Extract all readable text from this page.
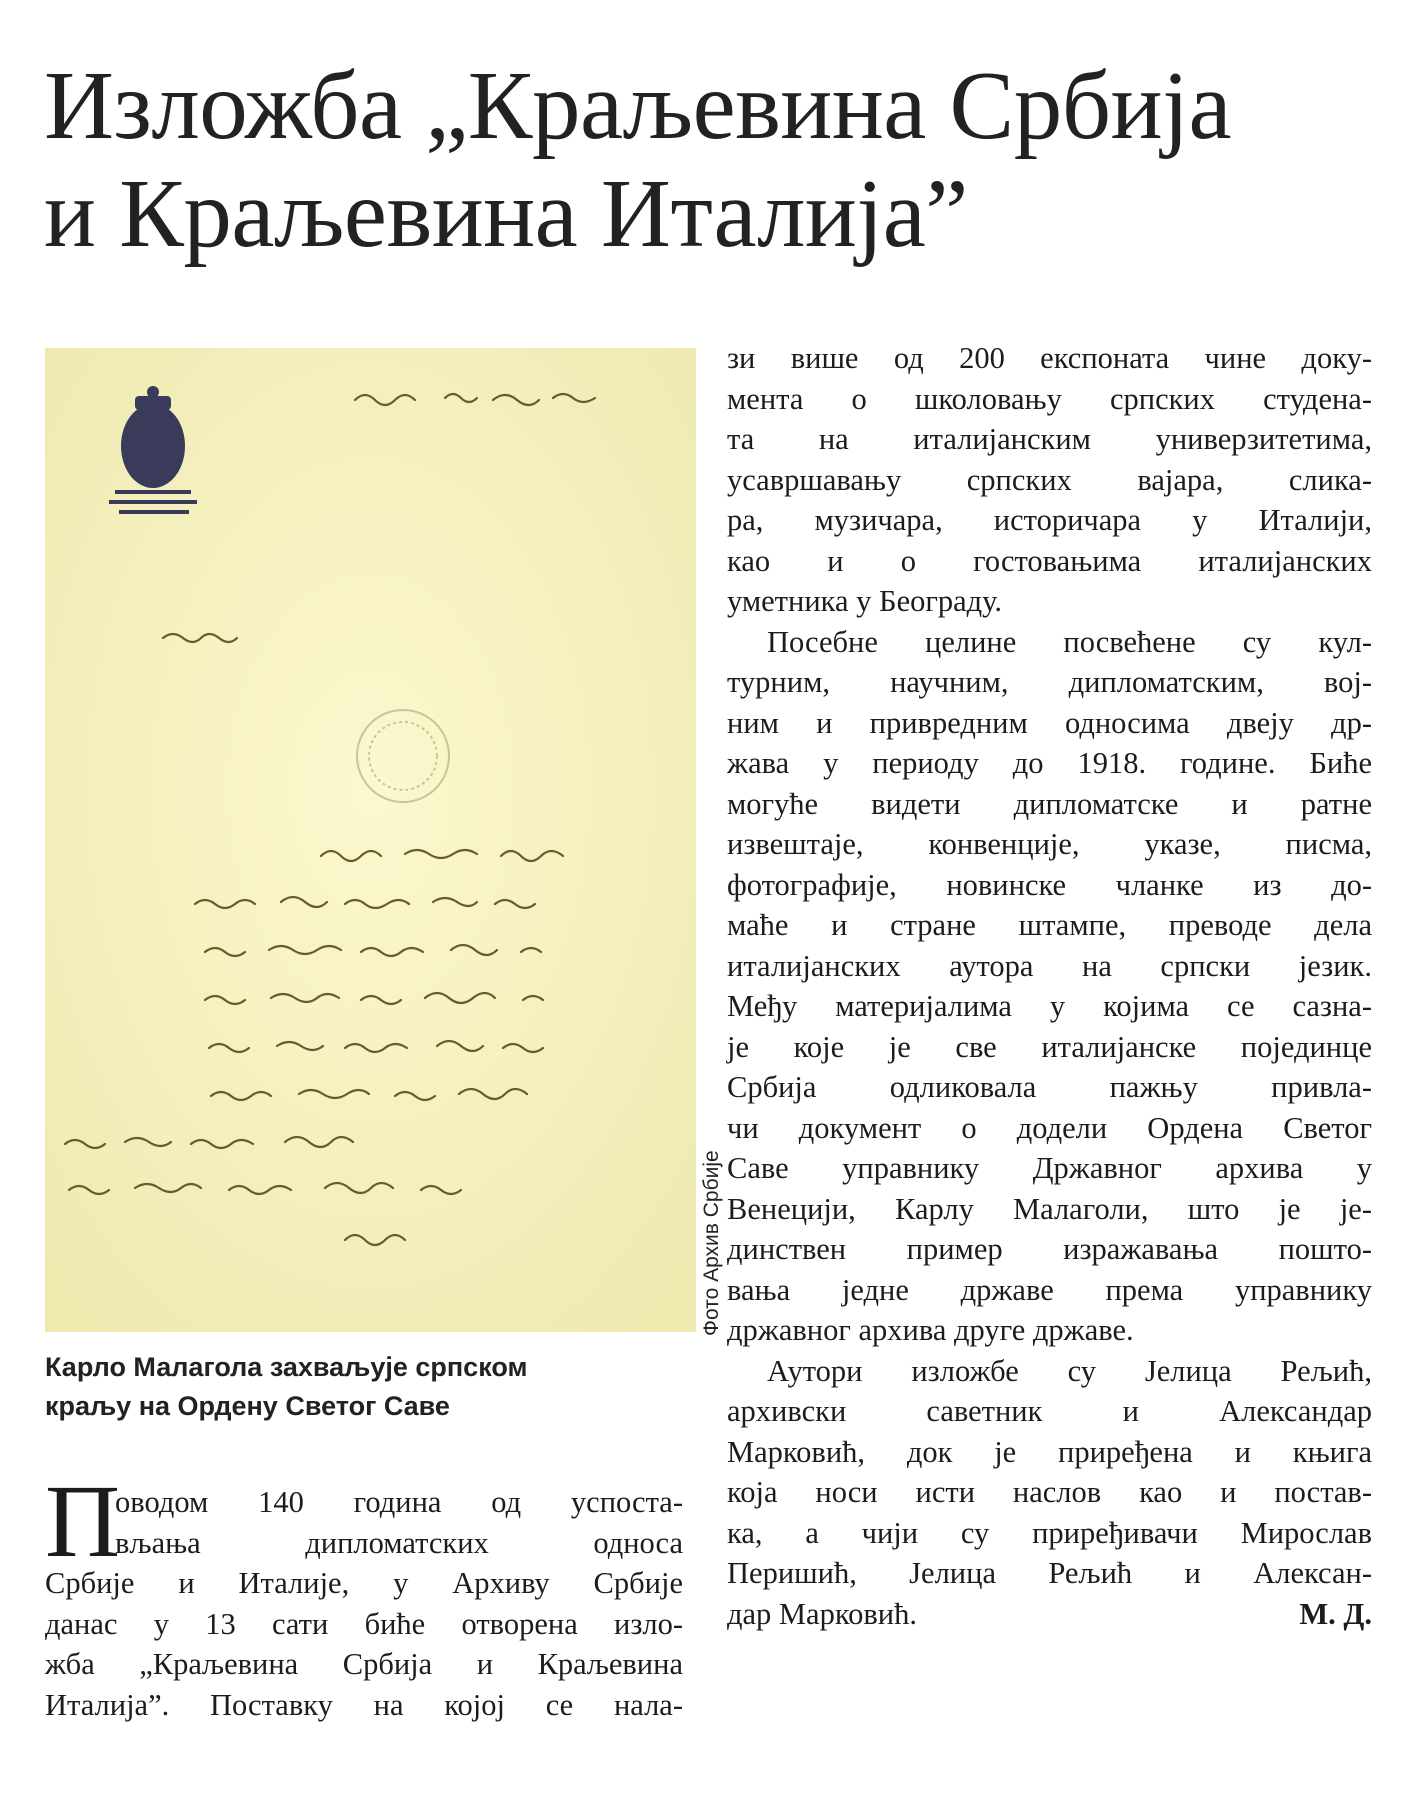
Изложба „Краљевина Србија
и Краљевина Италија”
Фото Архив Србије
Карло Малагола захваљује српском
краљу на Ордену Светог Саве
П
оводом 140 година од успоста-
вљања дипломатских односа
Србије и Италије, у Архиву Србије
данас у 13 сати биће отворена изло-
жба „Краљевина Србија и Краљевина
Италија”. Поставку на којој се нала-
зи више од 200 експоната чине доку-
мента о школовању српских студена-
та на италијанским универзитетима,
усавршавању српских вајара, слика-
ра, музичара, историчара у Италији,
као и о гостовањима италијанских
уметника у Београду.
Посебне целине посвећене су кул-
турним, научним, дипломатским, вој-
ним и привредним односима двеју др-
жава у периоду до 1918. године. Биће
могуће видети дипломатске и ратне
извештаје, конвенције, указе, писма,
фотографије, новинске чланке из до-
маће и стране штампе, преводе дела
италијанских аутора на српски језик.
Међу материјалима у којима се сазна-
је које је све италијанске појединце
Србија одликовала пажњу привла-
чи документ о додели Ордена Светог
Саве управнику Државног архива у
Венецији, Карлу Малаголи, што је је-
динствен пример изражавања пошто-
вања једне државе према управнику
државног архива друге државе.
Аутори изложбе су Јелица Рељић,
архивски саветник и Александар
Марковић, док је приређена и књига
која носи исти наслов као и постав-
ка, а чији су приређивачи Мирослав
Перишић, Јелица Рељић и Алексан-
дар Марковић.	М. Д.
